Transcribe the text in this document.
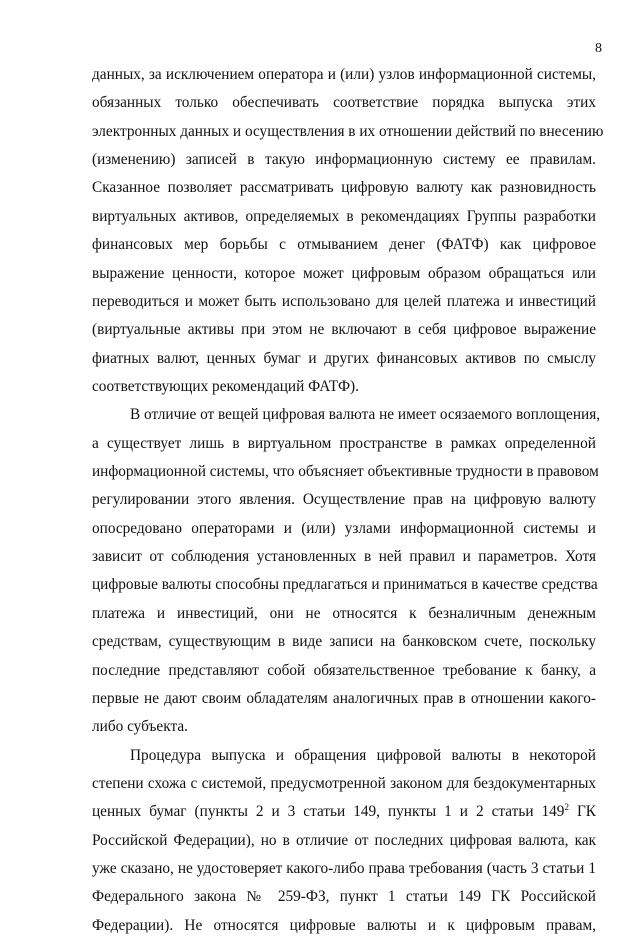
8
данных, за исключением оператора и (или) узлов информационной системы,
обязанных только обеспечивать соответствие порядка выпуска этих
электронных данных и осуществления в их отношении действий по внесению
(изменению) записей в такую информационную систему ее правилам.
Сказанное позволяет рассматривать цифровую валюту как разновидность
виртуальных активов, определяемых в рекомендациях Группы разработки
финансовых мер борьбы с отмыванием денег (ФАТФ) как цифровое
выражение ценности, которое может цифровым образом обращаться или
переводиться и может быть использовано для целей платежа и инвестиций
(виртуальные активы при этом не включают в себя цифровое выражение
фиатных валют, ценных бумаг и других финансовых активов по смыслу
соответствующих рекомендаций ФАТФ).
В отличие от вещей цифровая валюта не имеет осязаемого воплощения,
а существует лишь в виртуальном пространстве в рамках определенной
информационной системы, что объясняет объективные трудности в правовом
регулировании этого явления. Осуществление прав на цифровую валюту
опосредовано операторами и (или) узлами информационной системы и
зависит от соблюдения установленных в ней правил и параметров. Хотя
цифровые валюты способны предлагаться и приниматься в качестве средства
платежа и инвестиций, они не относятся к безналичным денежным
средствам, существующим в виде записи на банковском счете, поскольку
последние представляют собой обязательственное требование к банку, а
первые не дают своим обладателям аналогичных прав в отношении какого-
либо субъекта.
Процедура выпуска и обращения цифровой валюты в некоторой
степени схожа с системой, предусмотренной законом для бездокументарных
ценных бумаг (пункты 2 и 3 статьи 149, пункты 1 и 2 статьи $149^2$ ГК
Российской Федерации), но в отличие от последних цифровая валюта, как
уже сказано, не удостоверяет какого-либо права требования (часть 3 статьи 1
Федерального закона № 259-ФЗ, пункт 1 статьи 149 ГК Российской
Федерации). Не относятся цифровые валюты и к цифровым правам,
